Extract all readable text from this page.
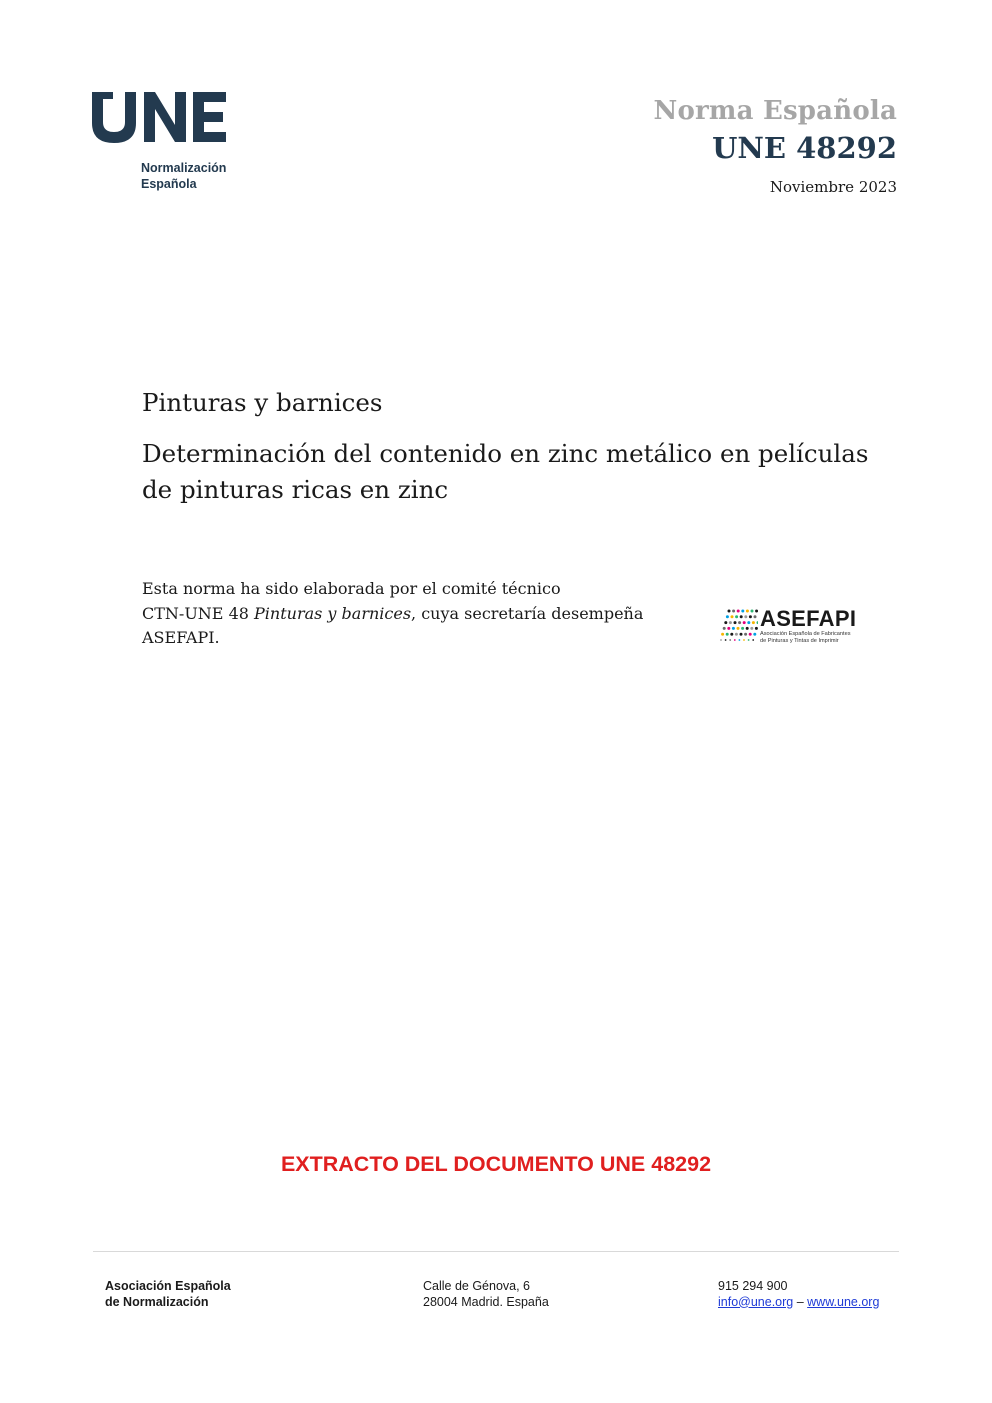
Normalización
Española
Norma Española
UNE 48292
Noviembre 2023
Pinturas y barnices
Determinación del contenido en zinc metálico en películas de pinturas ricas en zinc
Esta norma ha sido elaborada por el comité técnico
CTN-UNE 48 Pinturas y barnices, cuya secretaría desempeña
ASEFAPI.
ASEFAPI
Asociación Española de Fabricantes
de Pinturas y Tintas de Imprimir
EXTRACTO DEL DOCUMENTO UNE 48292
Asociación Española
de Normalización
Calle de Génova, 6
28004 Madrid. España
915 294 900
info@une.org – www.une.org
